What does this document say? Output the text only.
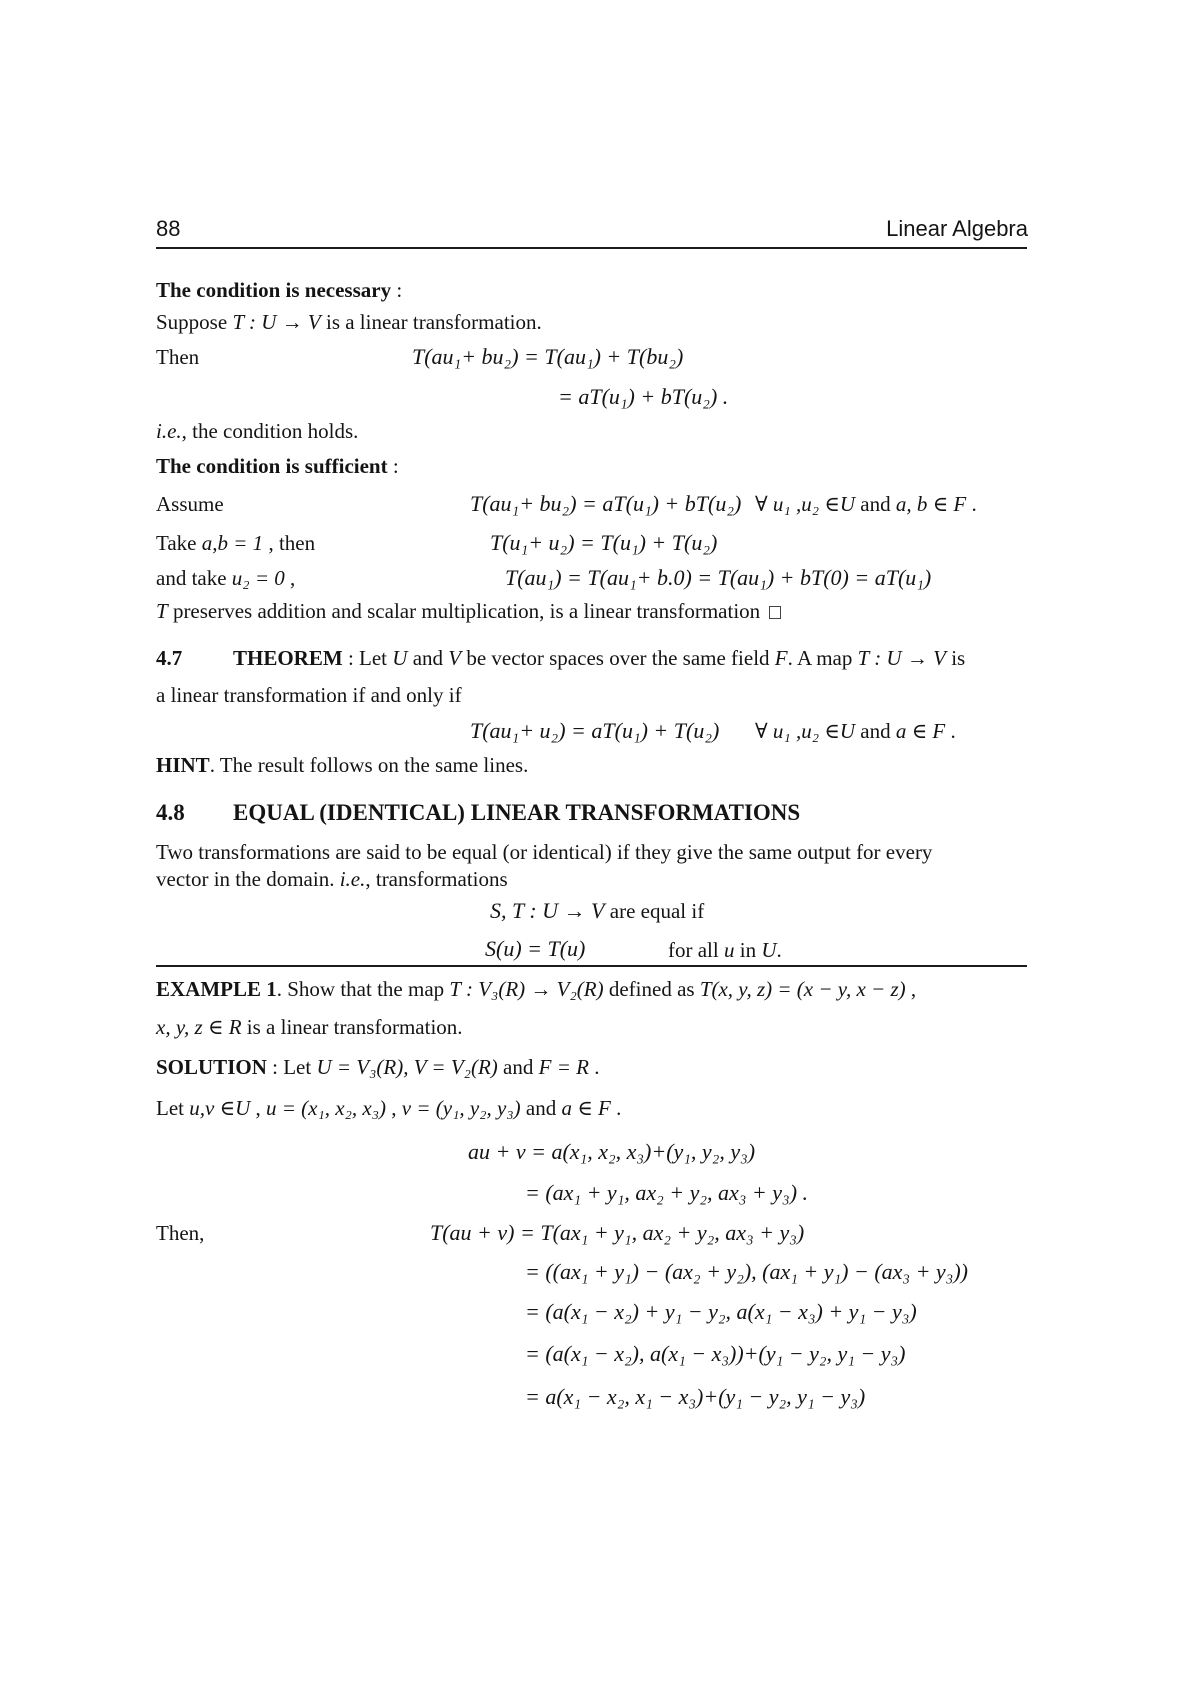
88	Linear Algebra
The condition is necessary :
Suppose T : U → V is a linear transformation.
Then	T(au₁+ bu₂) = T(au₁) + T(bu₂)
= aT(u₁) + bT(u₂) .
i.e., the condition holds.
The condition is sufficient :
Assume	T(au₁+ bu₂) = aT(u₁) + bT(u₂) ∀ u₁ ,u₂ ∈U and a, b ∈ F .
Take a,b = 1 , then	T(u₁+ u₂) = T(u₁) + T(u₂)
and take u₂ = 0 ,	T(au₁) = T(au₁+ b.0) = T(au₁) + bT(0) = aT(u₁)
T preserves addition and scalar multiplication, is a linear transformation
4.7 THEOREM : Let U and V be vector spaces over the same field F. A map T : U → V is
a linear transformation if and only if
T(au₁+ u₂) = aT(u₁) + T(u₂) ∀ u₁ ,u₂ ∈U and a ∈ F .
HINT. The result follows on the same lines.
4.8 EQUAL (IDENTICAL) LINEAR TRANSFORMATIONS
Two transformations are said to be equal (or identical) if they give the same output for every
vector in the domain. i.e., transformations
S, T : U → V are equal if
S(u) = T(u)	for all u in U.
EXAMPLE 1. Show that the map T : V₃(R) → V₂(R) defined as T(x, y, z) = (x − y, x − z) ,
x, y, z ∈ R is a linear transformation.
SOLUTION : Let U = V₃(R), V = V₂(R) and F = R .
Let u,v ∈U , u = (x₁, x₂, x₃) , v = (y₁, y₂, y₃) and a ∈ F .
au + v = a(x₁, x₂, x₃)+(y₁, y₂, y₃)
= (ax₁ + y₁, ax₂ + y₂, ax₃ + y₃) .
Then,	T(au + v) = T(ax₁ + y₁, ax₂ + y₂, ax₃ + y₃)
= ((ax₁ + y₁) − (ax₂ + y₂), (ax₁ + y₁) − (ax₃ + y₃))
= (a(x₁ − x₂) + y₁ − y₂, a(x₁ − x₃) + y₁ − y₃)
= (a(x₁ − x₂), a(x₁ − x₃))+(y₁ − y₂, y₁ − y₃)
= a(x₁ − x₂, x₁ − x₃)+(y₁ − y₂, y₁ − y₃)
